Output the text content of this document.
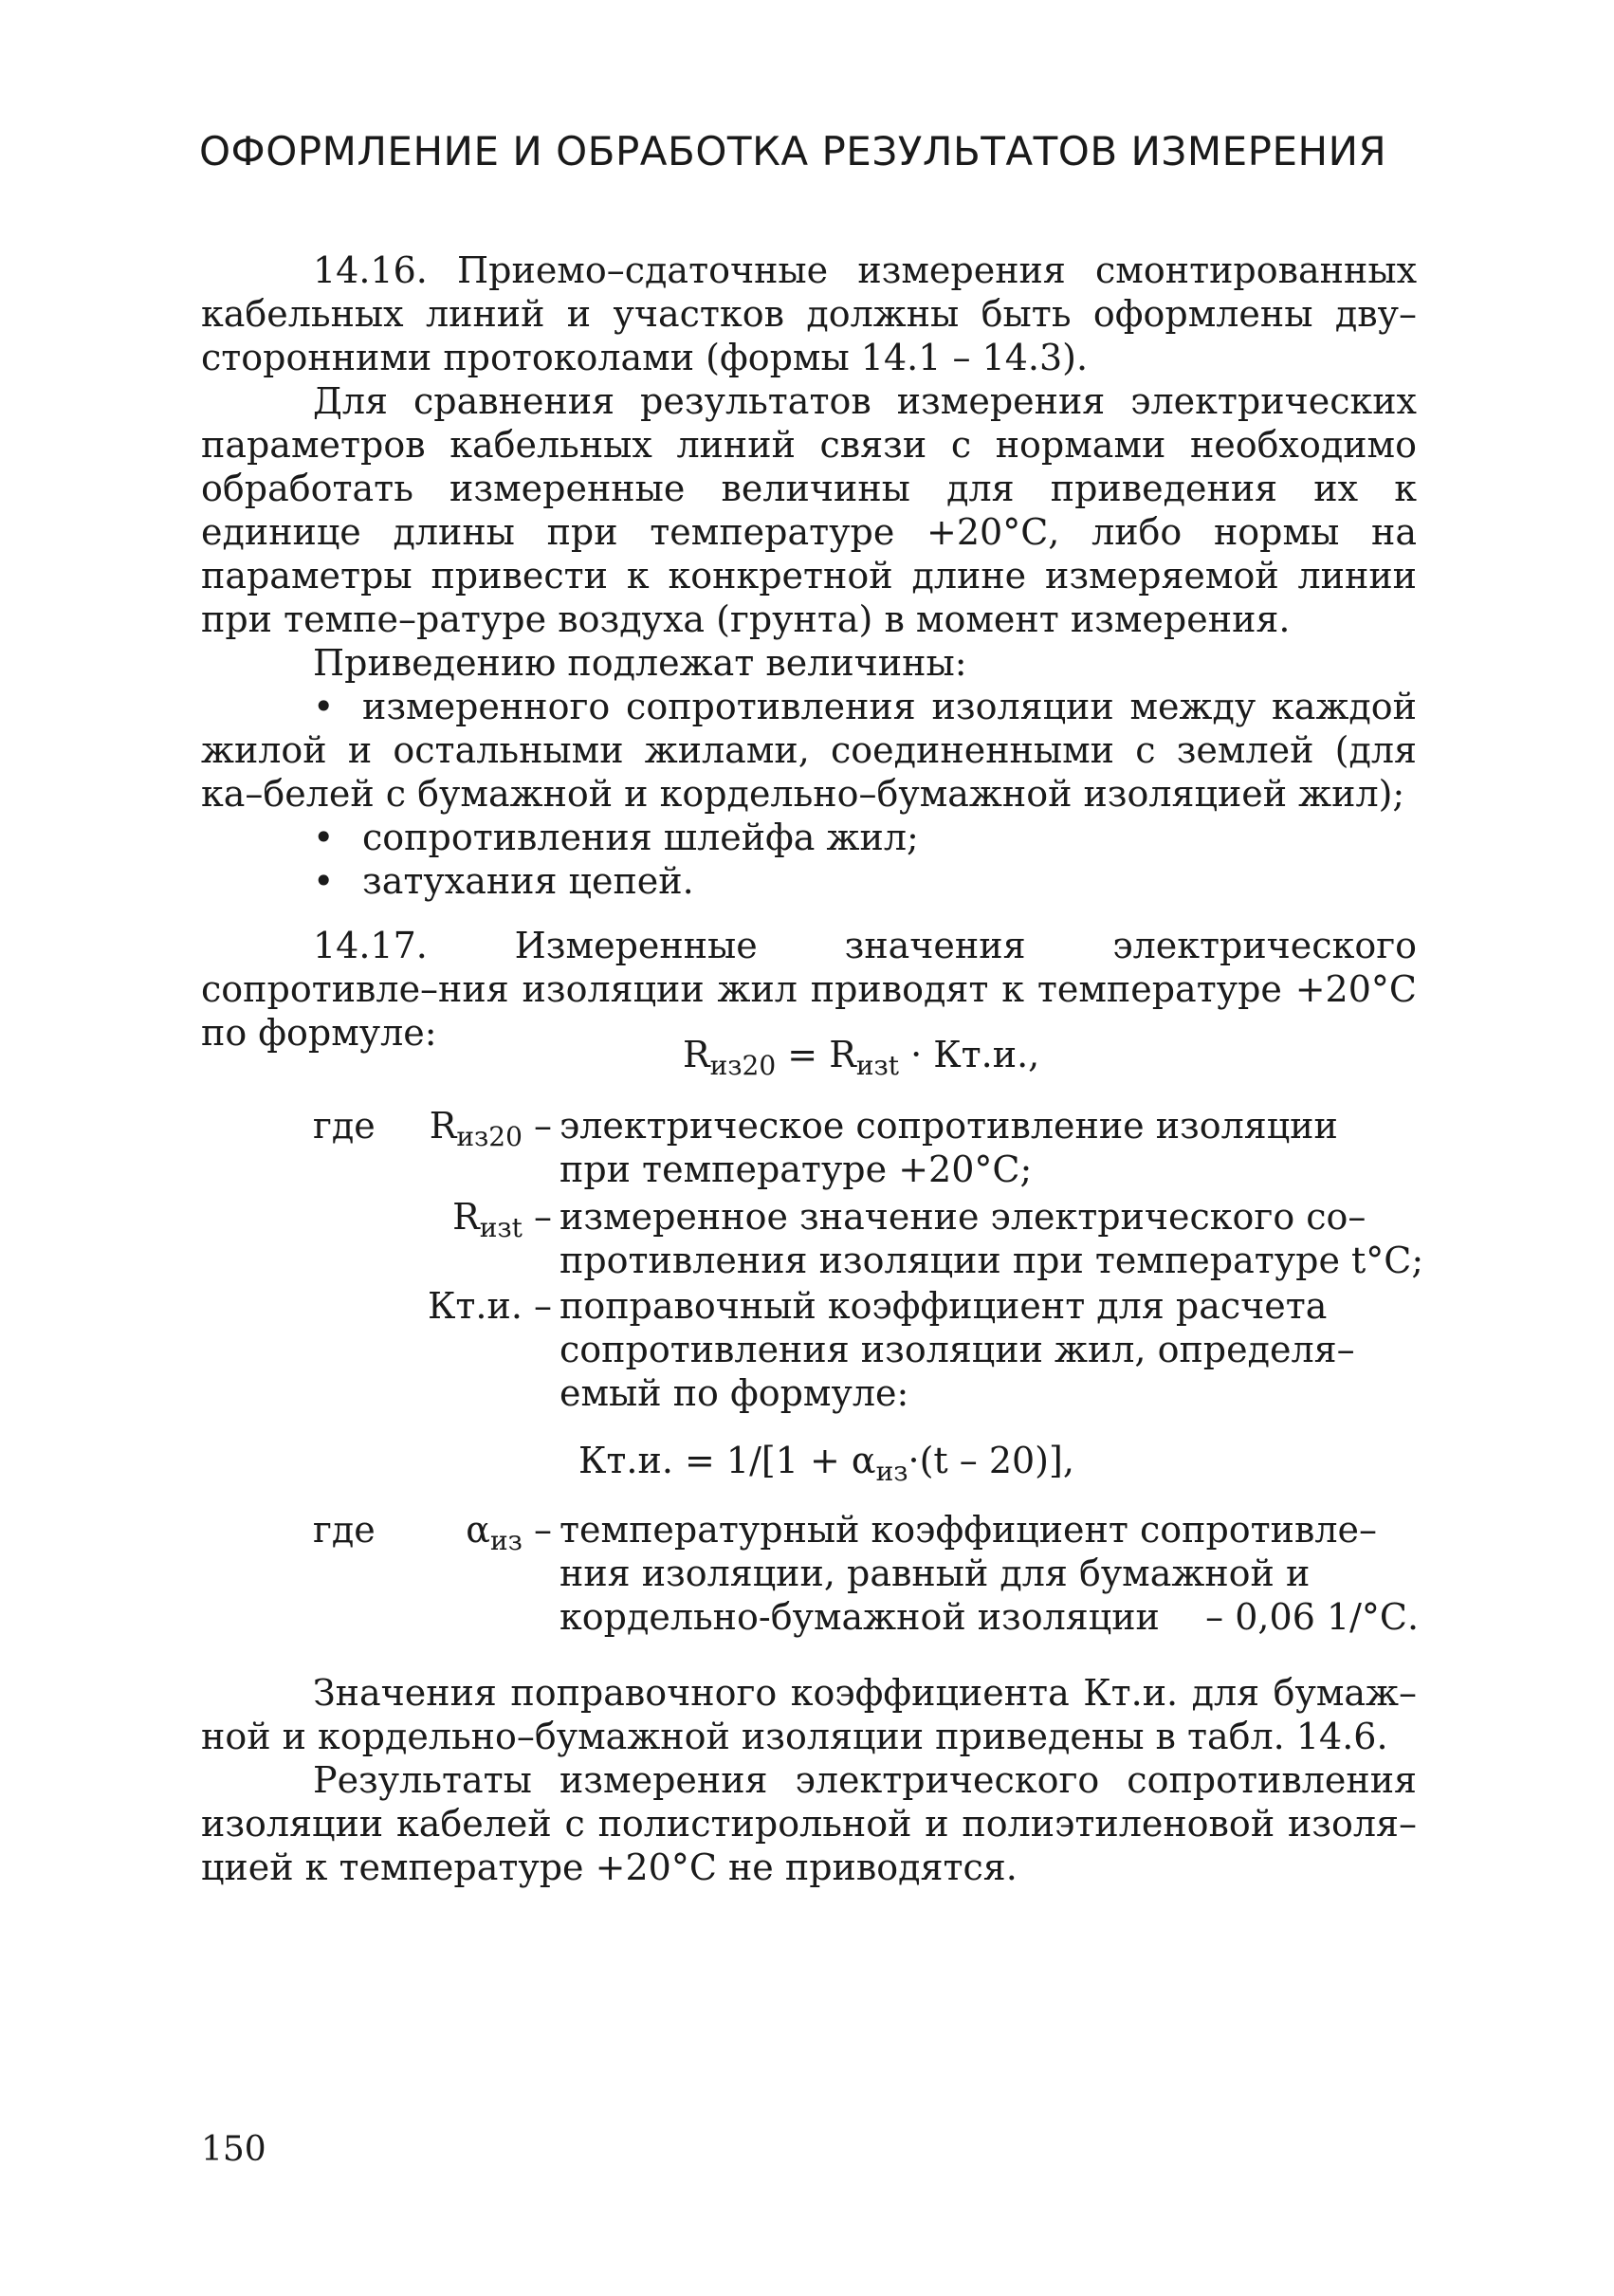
ОФОРМЛЕНИЕ И ОБРАБОТКА РЕЗУЛЬТАТОВ ИЗМЕРЕНИЯ

14.16. Приемо–сдаточные измерения смонтированных кабельных линий и участков должны быть оформлены дву–сторонними протоколами (формы 14.1 – 14.3).

Для сравнения результатов измерения электрических параметров кабельных линий связи с нормами необходимо обработать измеренные величины для приведения их к единице длины при температуре +20°С, либо нормы на параметры привести к конкретной длине измеряемой линии при темпе–ратуре воздуха (грунта) в момент измерения.

Приведению подлежат величины:

• измеренного сопротивления изоляции между каждой жилой и остальными жилами, соединенными с землей (для ка–белей с бумажной и кордельно–бумажной изоляцией жил);

• сопротивления шлейфа жил;

• затухания цепей.

14.17. Измеренные значения электрического сопротивле–ния изоляции жил приводят к температуре +20°С по формуле:

$R_{из20} = R_{изt} \cdot Кт.и$.,
где $R_{из20}$ – электрическое сопротивление изоляции
при температуре +20°С;
$R_{изt}$ – измеренное значение электрического со–
противления изоляции при температуре t°С;
Кт.и. – поправочный коэффициент для расчета
сопротивления изоляции жил, определя–
емый по формуле:
Кт.и. = $1/[1 + \alpha_{из}\cdot(t - 20)]$,
где	$\alpha_{из}$ – температурный коэффициент сопротивле–
ния изоляции, равный для бумажной и
кордельно-бумажной изоляции    – 0,06 1/°С.

Значения поправочного коэффициента Кт.и. для бумаж–ной и кордельно–бумажной изоляции приведены в табл. 14.6.

Результаты измерения электрического сопротивления изоляции кабелей с полистирольной и полиэтиленовой изоля–цией к температуре +20°С не приводятся.

150
